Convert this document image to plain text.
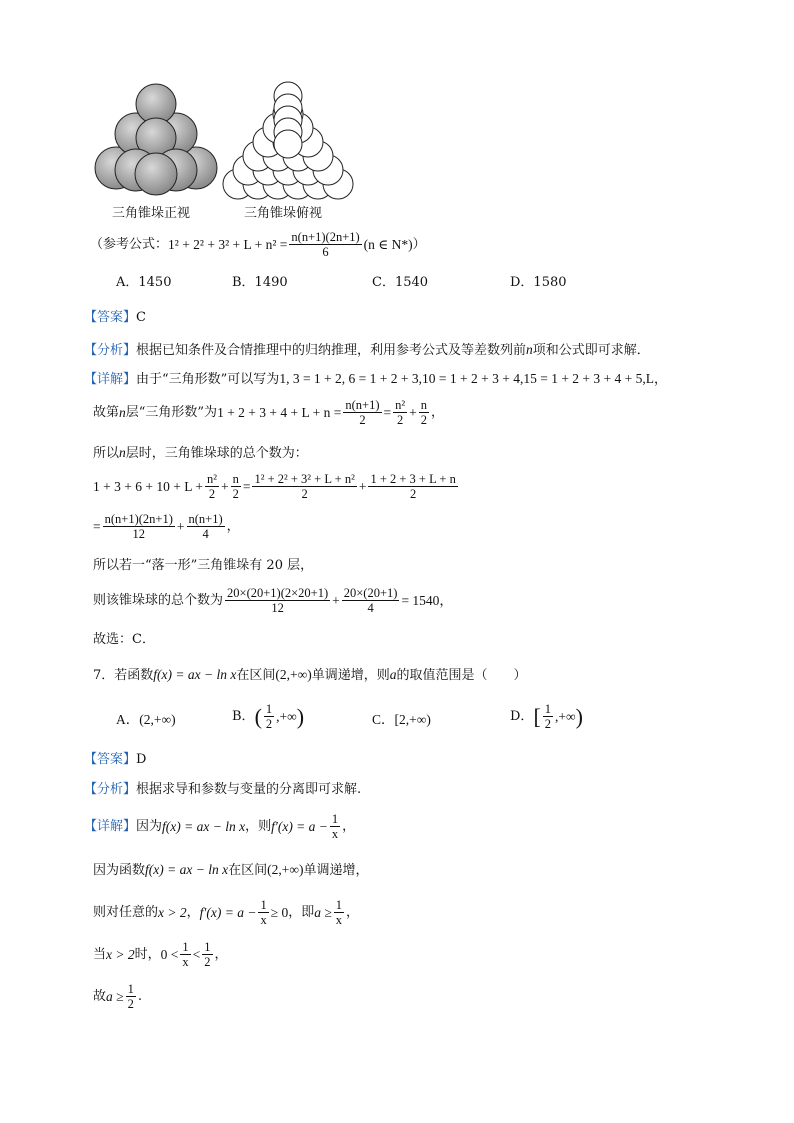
三角锥垛正视	三角锥垛俯视
（参考公式： $1^2 + 2^2 + 3^2 + L + n^2 = \frac{n(n+1)(2n+1)}{6} (n$ ∈ N*) ）
A．1450	B．1490	C．1540	D．1580
【答案】C
【分析】根据已知条件及合情推理中的归纳推理，利用参考公式及等差数列前n项和公式即可求解．
【详解】由于“三角形数”可以写为1, 3 = 1 + 2, 6 = 1 + 2 + 3,10 = 1 + 2 + 3 + 4,15 = 1 + 2 + 3 + 4 + 5,L，
故第 n 层“三角形数”为 $1 + 2 + 3 + 4 + L + n = \frac{n(n+1)}{2} = \frac{\text{n²}}{2} + \frac{n}{2}$ ，
所以n层时，三角锥垛球的总个数为：
$1 + 3 + 6 + 10 + L + \frac{\text{n²}}{2} + \frac{n}{2} = \frac{\text{1² + 2² + 3² + L + n²}}{2} + \frac{1 + 2 + 3 + L + n}{2}$
= $\frac{n(n+1)(2n+1)}{12} + \frac{n(n+1)}{4}$ ，
所以若一“落一形”三角锥垛有 20 层，
则该锥垛球的总个数为 $\frac{20\times(20+1)(2\times 20+1)}{12} + \frac{20\times(20+1)}{4} = 1540$，
故选：C．
7．若函数f(x) = ax − ln x在区间(2,+∞)单调递增，则a的取值范围是（　　）
A．(2,+∞)	B． ( $\frac{1}{2}$ ,+∞ )	C．[2,+∞)	D． [ $\frac{1}{2}$ ,+∞ )
【答案】D
【分析】根据求导和参数与变量的分离即可求解.
【详解】 因为 f(x) = ax − ln x ，则 $f'(x) = a - \frac{1}{x}$ ，
因为函数f(x) = ax − ln x在区间(2,+∞)单调递增，
则对任意的 x > 2 ， $f'(x) = a - \frac{1}{x} \ge 0$ ，即 $a \ge \frac{1}{x}$ ，
当 x > 2 时， $0 < \frac{1}{x} < \frac{1}{2}$ ，
故 $a \ge \frac{1}{2}$ .
